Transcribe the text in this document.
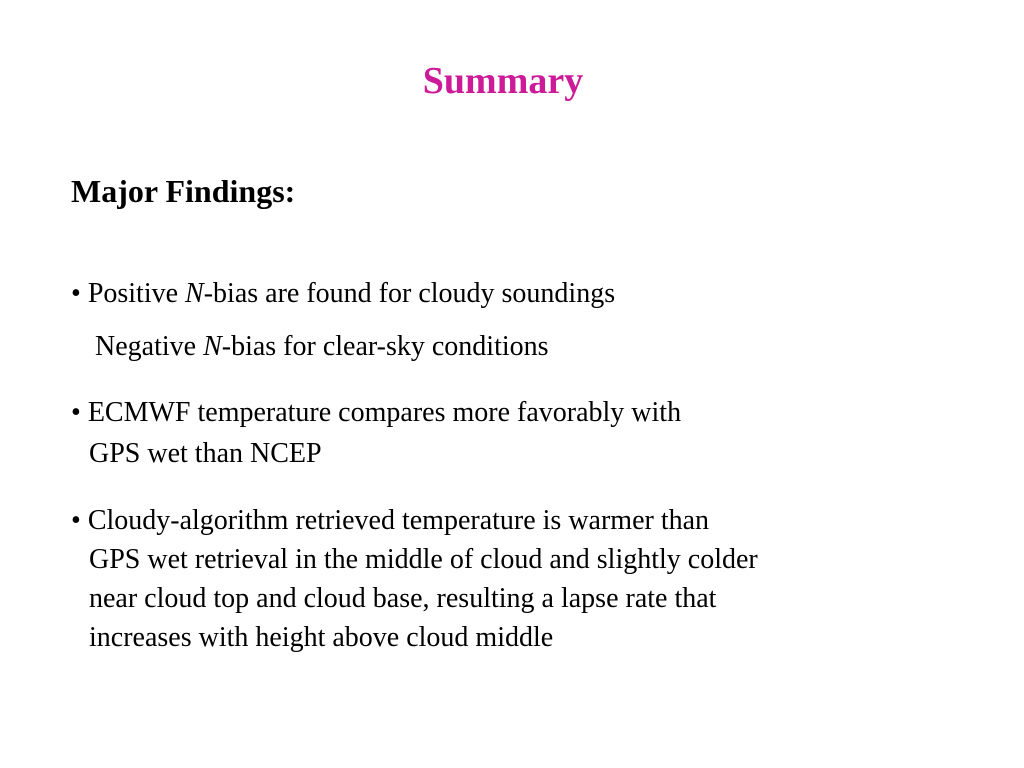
Summary
Major Findings:
• Positive N-bias are found for cloudy soundings
Negative N-bias for clear-sky conditions
• ECMWF temperature compares more favorably with
GPS wet than NCEP
• Cloudy-algorithm retrieved temperature is warmer than
GPS wet retrieval in the middle of cloud and slightly colder
near cloud top and cloud base, resulting a lapse rate that
increases with height above cloud middle
